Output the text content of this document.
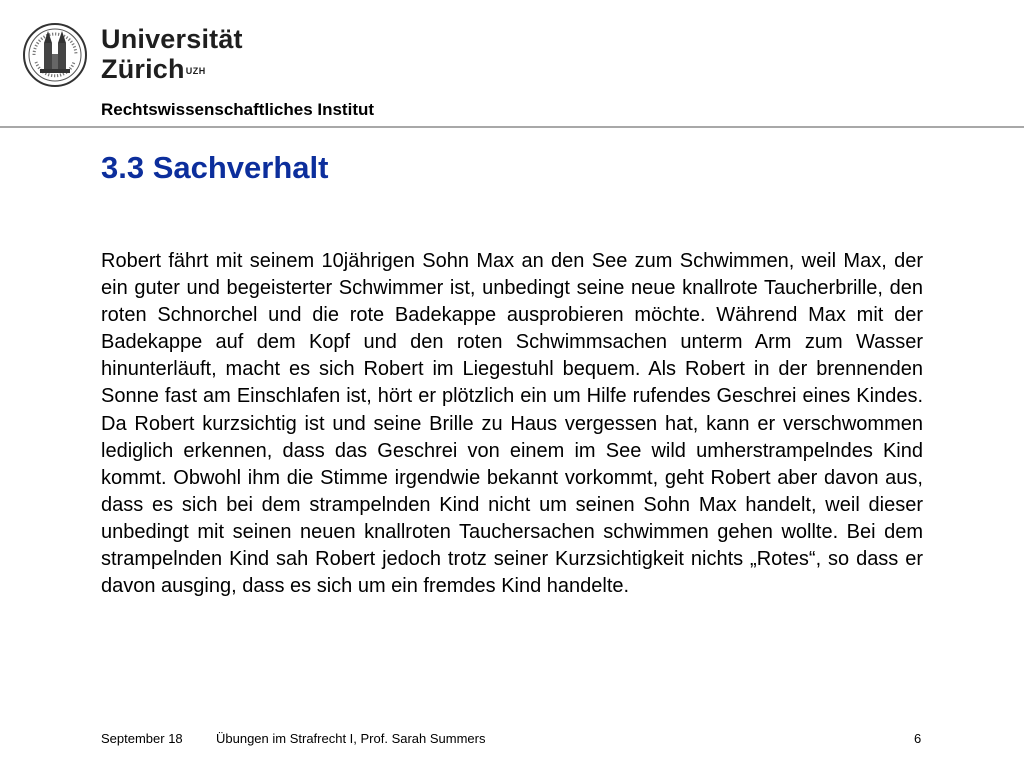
Universität
Zürich$^{UZH}$
Rechtswissenschaftliches Institut
3.3 Sachverhalt
Robert fährt mit seinem 10jährigen Sohn Max an den See zum Schwimmen, weil Max, der ein guter und begeisterter Schwimmer ist, unbedingt seine neue knallrote Taucherbrille, den roten Schnorchel und die rote Badekappe ausprobieren möchte. Während Max mit der Badekappe auf dem Kopf und den roten Schwimmsachen unterm Arm zum Wasser hinunterläuft, macht es sich Robert im Liegestuhl bequem. Als Robert in der brennenden Sonne fast am Einschlafen ist, hört er plötzlich ein um Hilfe rufendes Geschrei eines Kindes. Da Robert kurzsichtig ist und seine Brille zu Haus vergessen hat, kann er verschwommen lediglich erkennen, dass das Geschrei von einem im See wild umherstrampelndes Kind kommt. Obwohl ihm die Stimme irgendwie bekannt vorkommt, geht Robert aber davon aus, dass es sich bei dem strampelnden Kind nicht um seinen Sohn Max handelt, weil dieser unbedingt mit seinen neuen knallroten Tauchersachen schwimmen gehen wollte. Bei dem strampelnden Kind sah Robert jedoch trotz seiner Kurzsichtigkeit nichts „Rotes“, so dass er davon ausging, dass es sich um ein fremdes Kind handelte.
September 18	Übungen im Strafrecht I, Prof. Sarah Summers	6
